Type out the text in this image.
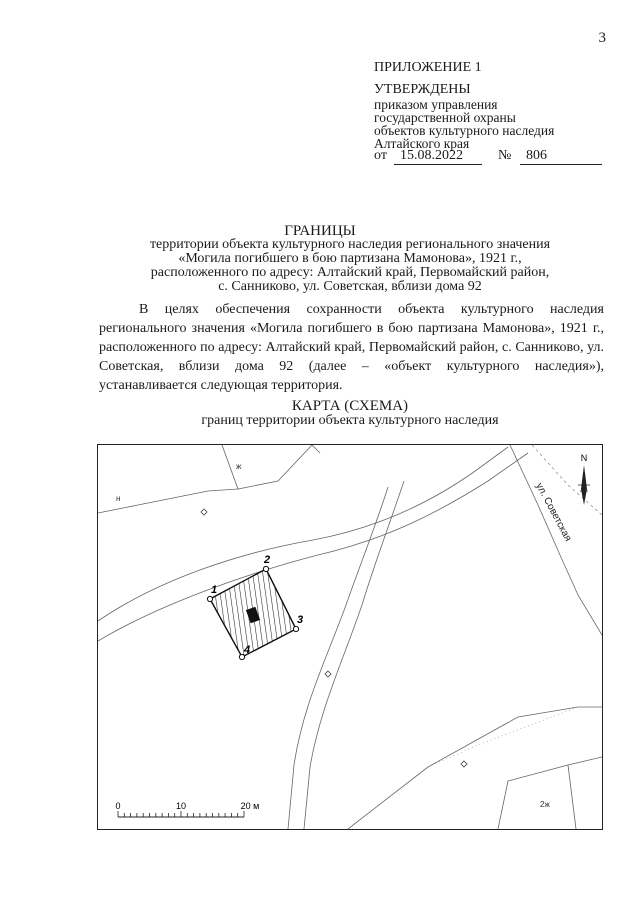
3
ПРИЛОЖЕНИЕ 1
УТВЕРЖДЕНЫ
приказом управления
государственной охраны
объектов культурного наследия
Алтайского края
от 15.08.2022	№ 806
ГРАНИЦЫ
территории объекта культурного наследия регионального значения
«Могила погибшего в бою партизана Мамонова», 1921 г.,
расположенного по адресу: Алтайский край, Первомайский район,
с. Санниково, ул. Советская, вблизи дома 92
В целях обеспечения сохранности объекта культурного наследия регионального значения «Могила погибшего в бою партизана Мамонова», 1921 г., расположенного по адресу: Алтайский край, Первомайский район, с. Санниково, ул. Советская, вблизи дома 92 (далее – «объект культурного наследия»), устанавливается следующая территория.
КАРТА (СХЕМА)
границ территории объекта культурного наследия
1
2
3
4
ж
н
2ж
ул. Советская
N
0	10	20 м
